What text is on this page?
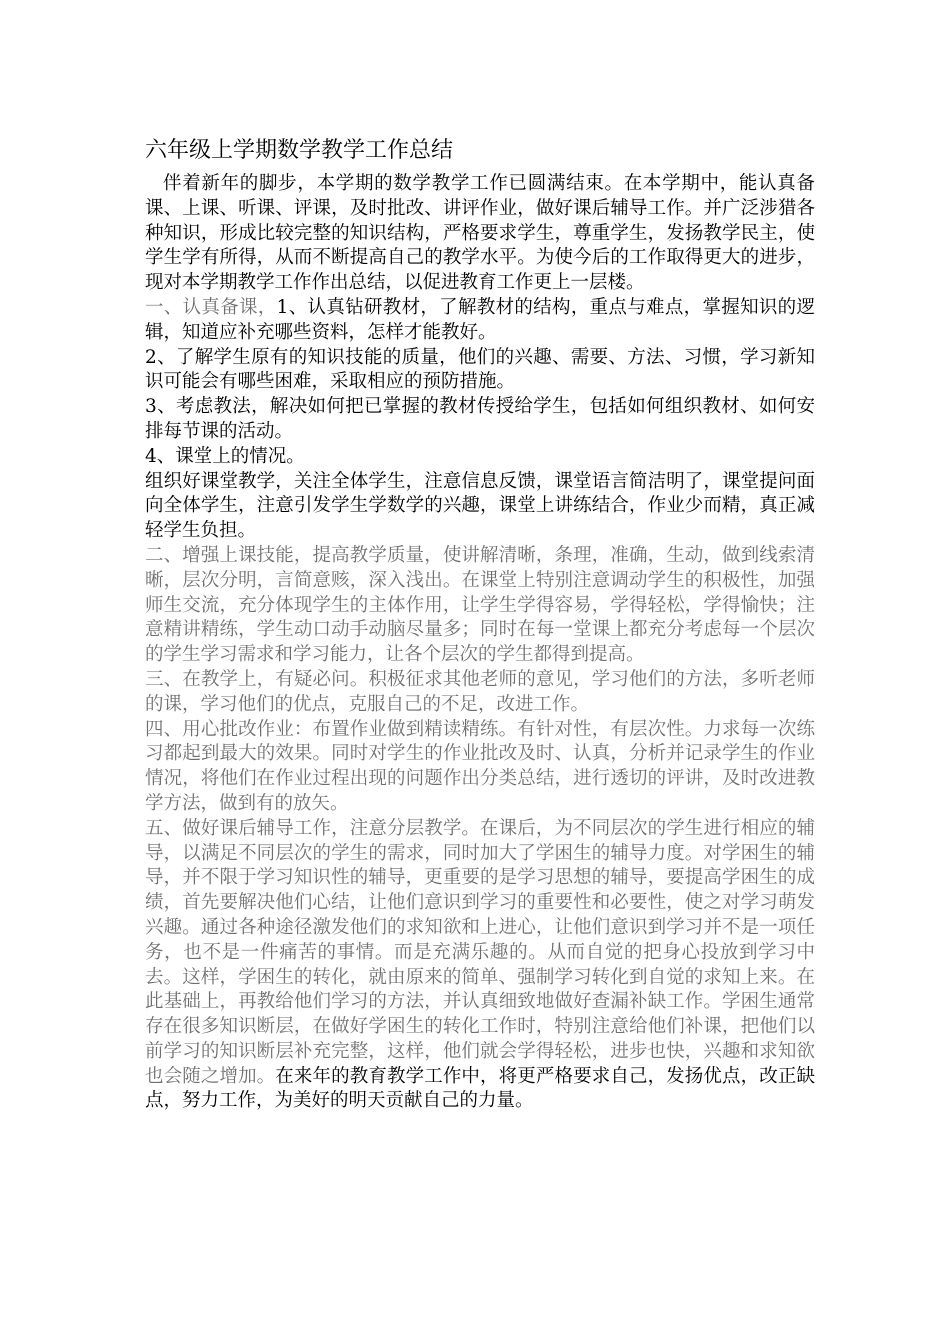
六年级上学期数学教学工作总结

伴着新年的脚步，本学期的数学教学工作已圆满结束。在本学期中，能认真备课、上课、听课、评课，及时批改、讲评作业，做好课后辅导工作。并广泛涉猎各种知识，形成比较完整的知识结构，严格要求学生，尊重学生，发扬教学民主，使学生学有所得，从而不断提高自己的教学水平。为使今后的工作取得更大的进步，现对本学期教学工作作出总结，以促进教育工作更上一层楼。

一、认真备课，1、认真钻研教材，了解教材的结构，重点与难点，掌握知识的逻辑，知道应补充哪些资料，怎样才能教好。

2、了解学生原有的知识技能的质量，他们的兴趣、需要、方法、习惯，学习新知识可能会有哪些困难，采取相应的预防措施。

3、考虑教法，解决如何把已掌握的教材传授给学生，包括如何组织教材、如何安排每节课的活动。

4、课堂上的情况。

组织好课堂教学，关注全体学生，注意信息反馈，课堂语言简洁明了，课堂提问面向全体学生，注意引发学生学数学的兴趣，课堂上讲练结合，作业少而精，真正减轻学生负担。

二、增强上课技能，提高教学质量，使讲解清晰，条理，准确，生动，做到线索清晰，层次分明，言简意赅，深入浅出。在课堂上特别注意调动学生的积极性，加强师生交流，充分体现学生的主体作用，让学生学得容易，学得轻松，学得愉快；注意精讲精练，学生动口动手动脑尽量多；同时在每一堂课上都充分考虑每一个层次的学生学习需求和学习能力，让各个层次的学生都得到提高。

三、在教学上，有疑必问。积极征求其他老师的意见，学习他们的方法，多听老师的课，学习他们的优点，克服自己的不足，改进工作。

四、用心批改作业：布置作业做到精读精练。有针对性，有层次性。力求每一次练习都起到最大的效果。同时对学生的作业批改及时、认真，分析并记录学生的作业情况，将他们在作业过程出现的问题作出分类总结，进行透切的评讲，及时改进教学方法，做到有的放矢。

五、做好课后辅导工作，注意分层教学。在课后，为不同层次的学生进行相应的辅导，以满足不同层次的学生的需求，同时加大了学困生的辅导力度。对学困生的辅导，并不限于学习知识性的辅导，更重要的是学习思想的辅导，要提高学困生的成绩，首先要解决他们心结，让他们意识到学习的重要性和必要性，使之对学习萌发兴趣。通过各种途径激发他们的求知欲和上进心，让他们意识到学习并不是一项任务，也不是一件痛苦的事情。而是充满乐趣的。从而自觉的把身心投放到学习中去。这样，学困生的转化，就由原来的简单、强制学习转化到自觉的求知上来。在此基础上，再教给他们学习的方法，并认真细致地做好查漏补缺工作。学困生通常存在很多知识断层，在做好学困生的转化工作时，特别注意给他们补课，把他们以前学习的知识断层补充完整，这样，他们就会学得轻松，进步也快，兴趣和求知欲也会随之增加。在来年的教育教学工作中，将更严格要求自己，发扬优点，改正缺点，努力工作，为美好的明天贡献自己的力量。
